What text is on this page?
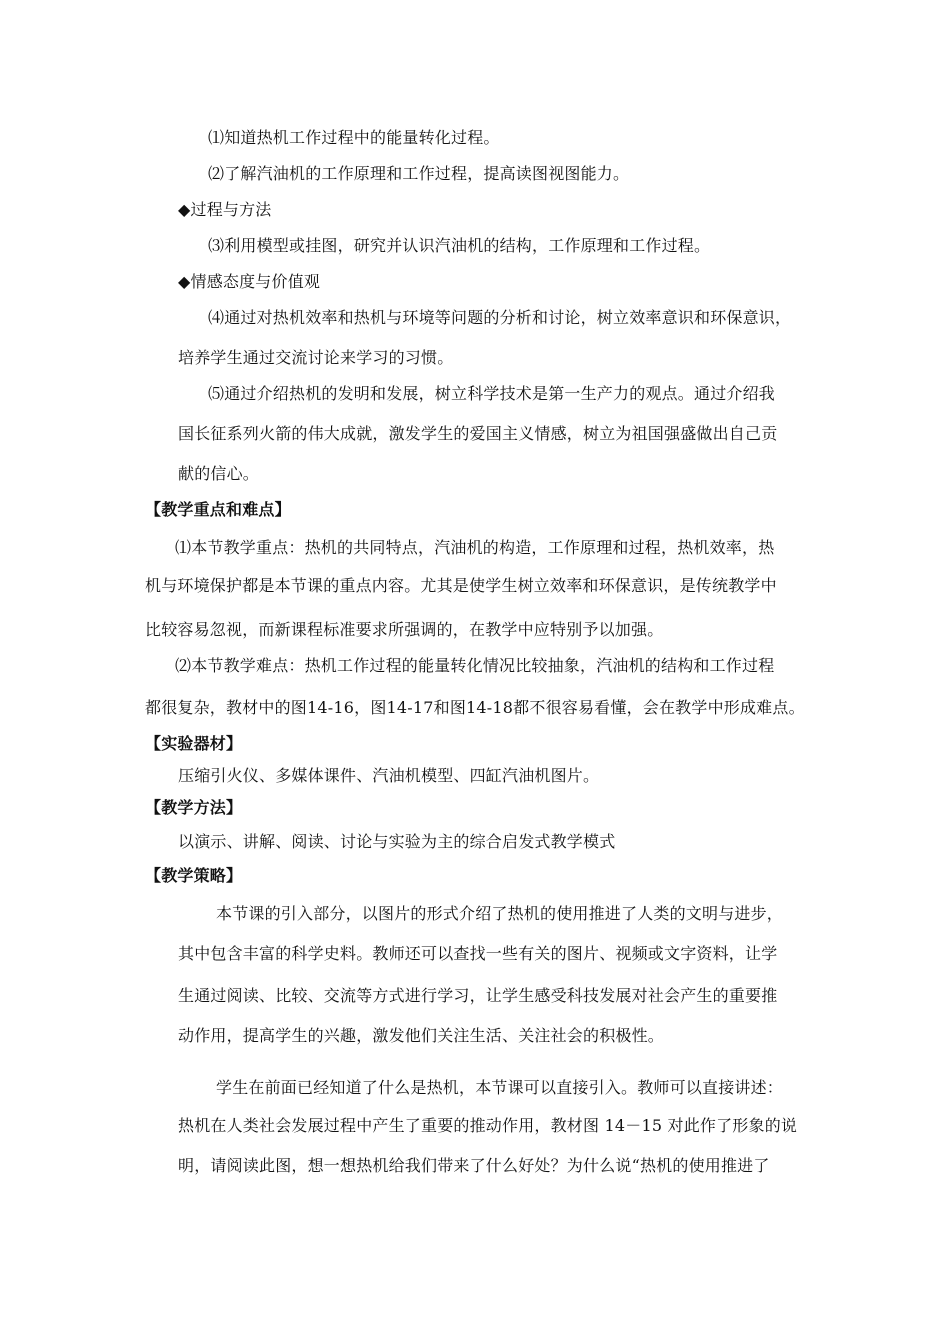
⑴知道热机工作过程中的能量转化过程。
⑵了解汽油机的工作原理和工作过程，提高读图视图能力。
◆过程与方法
⑶利用模型或挂图，研究并认识汽油机的结构，工作原理和工作过程。
◆情感态度与价值观
⑷通过对热机效率和热机与环境等问题的分析和讨论，树立效率意识和环保意识，
培养学生通过交流讨论来学习的习惯。
⑸通过介绍热机的发明和发展，树立科学技术是第一生产力的观点。通过介绍我
国长征系列火箭的伟大成就，激发学生的爱国主义情感，树立为祖国强盛做出自己贡
献的信心。
【教学重点和难点】
⑴本节教学重点：热机的共同特点，汽油机的构造，工作原理和过程，热机效率，热
机与环境保护都是本节课的重点内容。尤其是使学生树立效率和环保意识，是传统教学中
比较容易忽视，而新课程标准要求所强调的，在教学中应特别予以加强。
⑵本节教学难点：热机工作过程的能量转化情况比较抽象，汽油机的结构和工作过程
都很复杂，教材中的图14-16，图14-17和图14-18都不很容易看懂，会在教学中形成难点。
【实验器材】
压缩引火仪、多媒体课件、汽油机模型、四缸汽油机图片。
【教学方法】
以演示、讲解、阅读、讨论与实验为主的综合启发式教学模式
【教学策略】
本节课的引入部分，以图片的形式介绍了热机的使用推进了人类的文明与进步，
其中包含丰富的科学史料。教师还可以查找一些有关的图片、视频或文字资料，让学
生通过阅读、比较、交流等方式进行学习，让学生感受科技发展对社会产生的重要推
动作用，提高学生的兴趣，激发他们关注生活、关注社会的积极性。
学生在前面已经知道了什么是热机，本节课可以直接引入。教师可以直接讲述：
热机在人类社会发展过程中产生了重要的推动作用，教材图 14－15 对此作了形象的说
明，请阅读此图，想一想热机给我们带来了什么好处？为什么说“热机的使用推进了
